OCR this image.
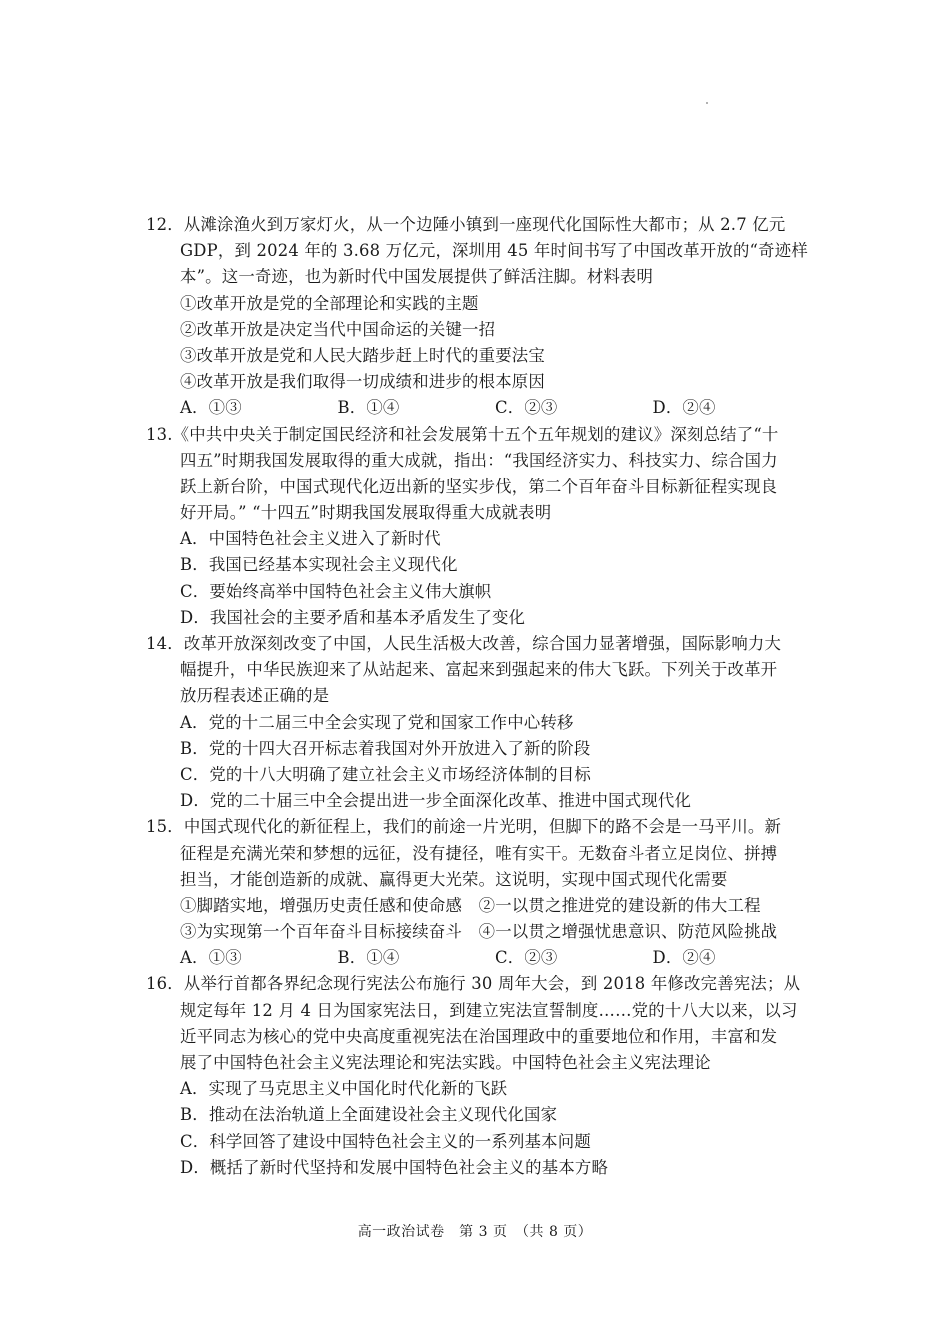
12．从滩涂渔火到万家灯火，从一个边陲小镇到一座现代化国际性大都市；从 2.7 亿元
GDP，到 2024 年的 3.68 万亿元，深圳用 45 年时间书写了中国改革开放的“奇迹样
本”。这一奇迹，也为新时代中国发展提供了鲜活注脚。材料表明
①改革开放是党的全部理论和实践的主题
②改革开放是决定当代中国命运的关键一招
③改革开放是党和人民大踏步赶上时代的重要法宝
④改革开放是我们取得一切成绩和进步的根本原因
A．①③	B．①④	C．②③	D．②④
13.《中共中央关于制定国民经济和社会发展第十五个五年规划的建议》深刻总结了“十
四五”时期我国发展取得的重大成就，指出：“我国经济实力、科技实力、综合国力
跃上新台阶，中国式现代化迈出新的坚实步伐，第二个百年奋斗目标新征程实现良
好开局。” “十四五”时期我国发展取得重大成就表明
A．中国特色社会主义进入了新时代
B．我国已经基本实现社会主义现代化
C．要始终高举中国特色社会主义伟大旗帜
D．我国社会的主要矛盾和基本矛盾发生了变化
14．改革开放深刻改变了中国，人民生活极大改善，综合国力显著增强，国际影响力大
幅提升，中华民族迎来了从站起来、富起来到强起来的伟大飞跃。下列关于改革开
放历程表述正确的是
A．党的十二届三中全会实现了党和国家工作中心转移
B．党的十四大召开标志着我国对外开放进入了新的阶段
C．党的十八大明确了建立社会主义市场经济体制的目标
D．党的二十届三中全会提出进一步全面深化改革、推进中国式现代化
15．中国式现代化的新征程上，我们的前途一片光明，但脚下的路不会是一马平川。新
征程是充满光荣和梦想的远征，没有捷径，唯有实干。无数奋斗者立足岗位、拼搏
担当，才能创造新的成就、赢得更大光荣。这说明，实现中国式现代化需要
①脚踏实地，增强历史责任感和使命感　②一以贯之推进党的建设新的伟大工程
③为实现第一个百年奋斗目标接续奋斗　④一以贯之增强忧患意识、防范风险挑战
A．①③	B．①④	C．②③	D．②④
16．从举行首都各界纪念现行宪法公布施行 30 周年大会，到 2018 年修改完善宪法；从
规定每年 12 月 4 日为国家宪法日，到建立宪法宣誓制度……党的十八大以来，以习
近平同志为核心的党中央高度重视宪法在治国理政中的重要地位和作用，丰富和发
展了中国特色社会主义宪法理论和宪法实践。中国特色社会主义宪法理论
A．实现了马克思主义中国化时代化新的飞跃
B．推动在法治轨道上全面建设社会主义现代化国家
C．科学回答了建设中国特色社会主义的一系列基本问题
D．概括了新时代坚持和发展中国特色社会主义的基本方略
高一政治试卷　第 3 页　（共 8 页）
